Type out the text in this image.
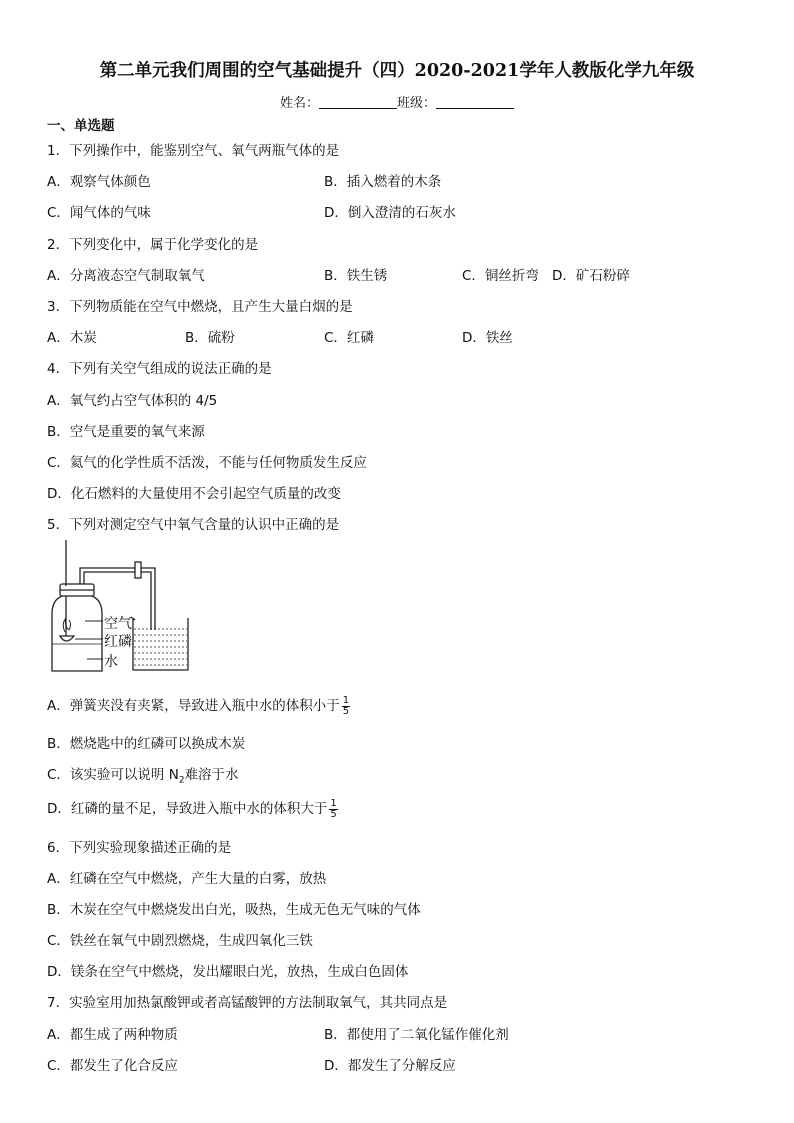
第二单元我们周围的空气基础提升（四）2020-2021学年人教版化学九年级
姓名：	班级：
一、单选题
1．下列操作中，能鉴别空气、氧气两瓶气体的是
A．观察气体颜色	B．插入燃着的木条
C．闻气体的气味	D．倒入澄清的石灰水
2．下列变化中，属于化学变化的是
A．分离液态空气制取氧气	B．铁生锈	C．铜丝折弯 D．矿石粉碎
3．下列物质能在空气中燃烧，且产生大量白烟的是
A．木炭	B．硫粉	C．红磷	D．铁丝
4．下列有关空气组成的说法正确的是
A．氧气约占空气体积的 4/5
B．空气是重要的氧气来源
C．氦气的化学性质不活泼，不能与任何物质发生反应
D．化石燃料的大量使用不会引起空气质量的改变
5．下列对测定空气中氧气含量的认识中正确的是
空气
红磷
水
A．弹簧夹没有夹紧，导致进入瓶中水的体积小于 $\frac{1}{5}$
B．燃烧匙中的红磷可以换成木炭
C．该实验可以说明 $N_2$难溶于水
D．红磷的量不足，导致进入瓶中水的体积大于 $\frac{1}{5}$
6．下列实验现象描述正确的是
A．红磷在空气中燃烧，产生大量的白雾，放热
B．木炭在空气中燃烧发出白光，吸热，生成无色无气味的气体
C．铁丝在氧气中剧烈燃烧，生成四氧化三铁
D．镁条在空气中燃烧，发出耀眼白光，放热，生成白色固体
7．实验室用加热氯酸钾或者高锰酸钾的方法制取氧气，其共同点是
A．都生成了两种物质	B．都使用了二氧化锰作催化剂
C．都发生了化合反应	D．都发生了分解反应
